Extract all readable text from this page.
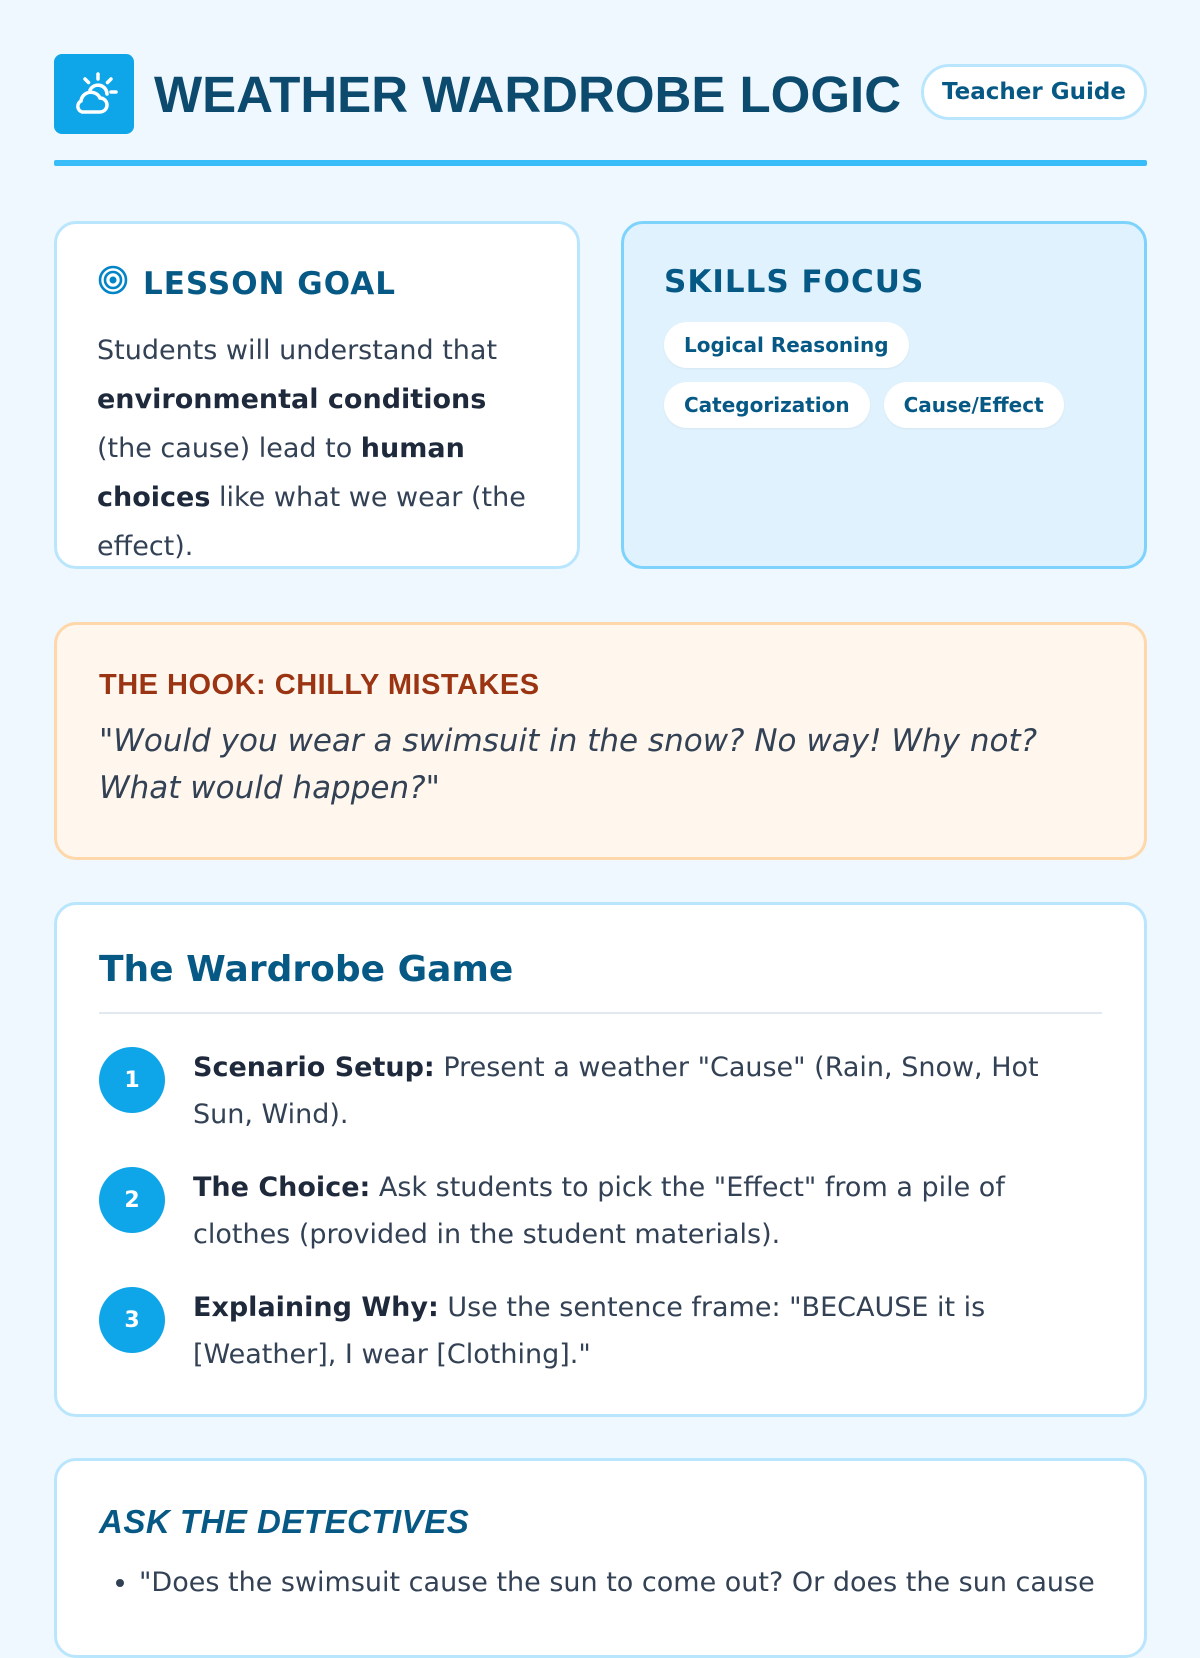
WEATHER WARDROBE LOGIC	Teacher Guide
LESSON GOAL

Students will understand that environmental conditions (the cause) lead to human choices like what we wear (the effect).

SKILLS FOCUS
Logical Reasoning
Categorization	Cause/Effect
THE HOOK: CHILLY MISTAKES

"Would you wear a swimsuit in the snow? No way! Why not? What would happen?"

The Wardrobe Game
1	Scenario Setup: Present a weather "Cause" (Rain, Snow, Hot Sun, Wind).
2	The Choice: Ask students to pick the "Effect" from a pile of clothes (provided in the student materials).
3	Explaining Why: Use the sentence frame: "BECAUSE it is [Weather], I wear [Clothing]."
ASK THE DETECTIVES
• "Does the swimsuit cause the sun to come out? Or does the sun cause
